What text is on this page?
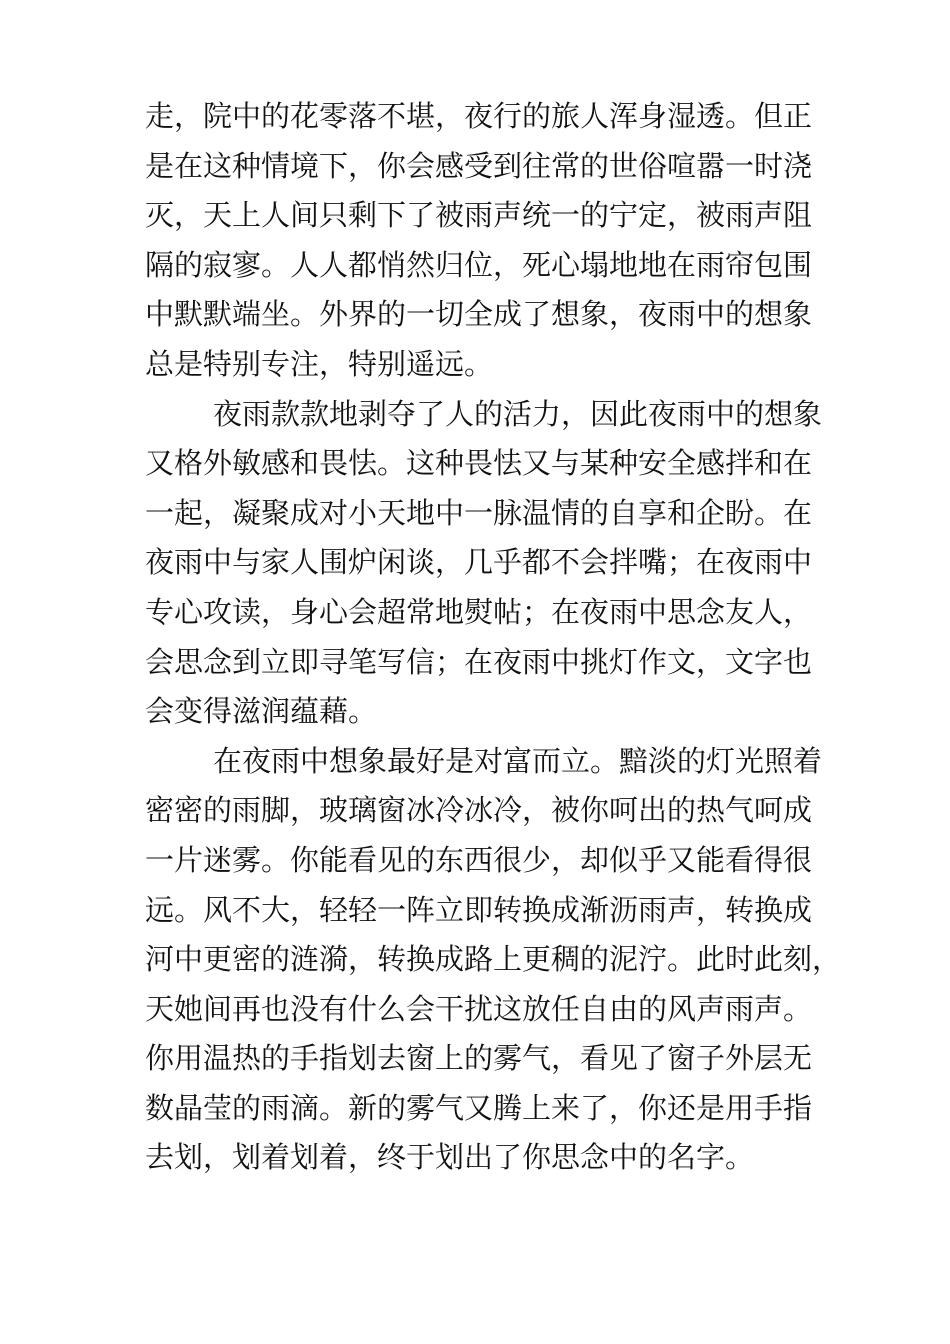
走，院中的花零落不堪，夜行的旅人浑身湿透。但正
是在这种情境下，你会感受到往常的世俗喧嚣一时浇
灭，天上人间只剩下了被雨声统一的宁定，被雨声阻
隔的寂寥。人人都悄然归位，死心塌地地在雨帘包围
中默默端坐。外界的一切全成了想象，夜雨中的想象
总是特别专注，特别遥远。
夜雨款款地剥夺了人的活力，因此夜雨中的想象
又格外敏感和畏怯。这种畏怯又与某种安全感拌和在
一起，凝聚成对小天地中一脉温情的自享和企盼。在
夜雨中与家人围炉闲谈，几乎都不会拌嘴；在夜雨中
专心攻读，身心会超常地熨帖；在夜雨中思念友人，
会思念到立即寻笔写信；在夜雨中挑灯作文，文字也
会变得滋润蕴藉。
在夜雨中想象最好是对富而立。黯淡的灯光照着
密密的雨脚，玻璃窗冰冷冰冷，被你呵出的热气呵成
一片迷雾。你能看见的东西很少，却似乎又能看得很
远。风不大，轻轻一阵立即转换成渐沥雨声，转换成
河中更密的涟漪，转换成路上更稠的泥泞。此时此刻，
天她间再也没有什么会干扰这放任自由的风声雨声。
你用温热的手指划去窗上的雾气，看见了窗子外层无
数晶莹的雨滴。新的雾气又腾上来了，你还是用手指
去划，划着划着，终于划出了你思念中的名字。
